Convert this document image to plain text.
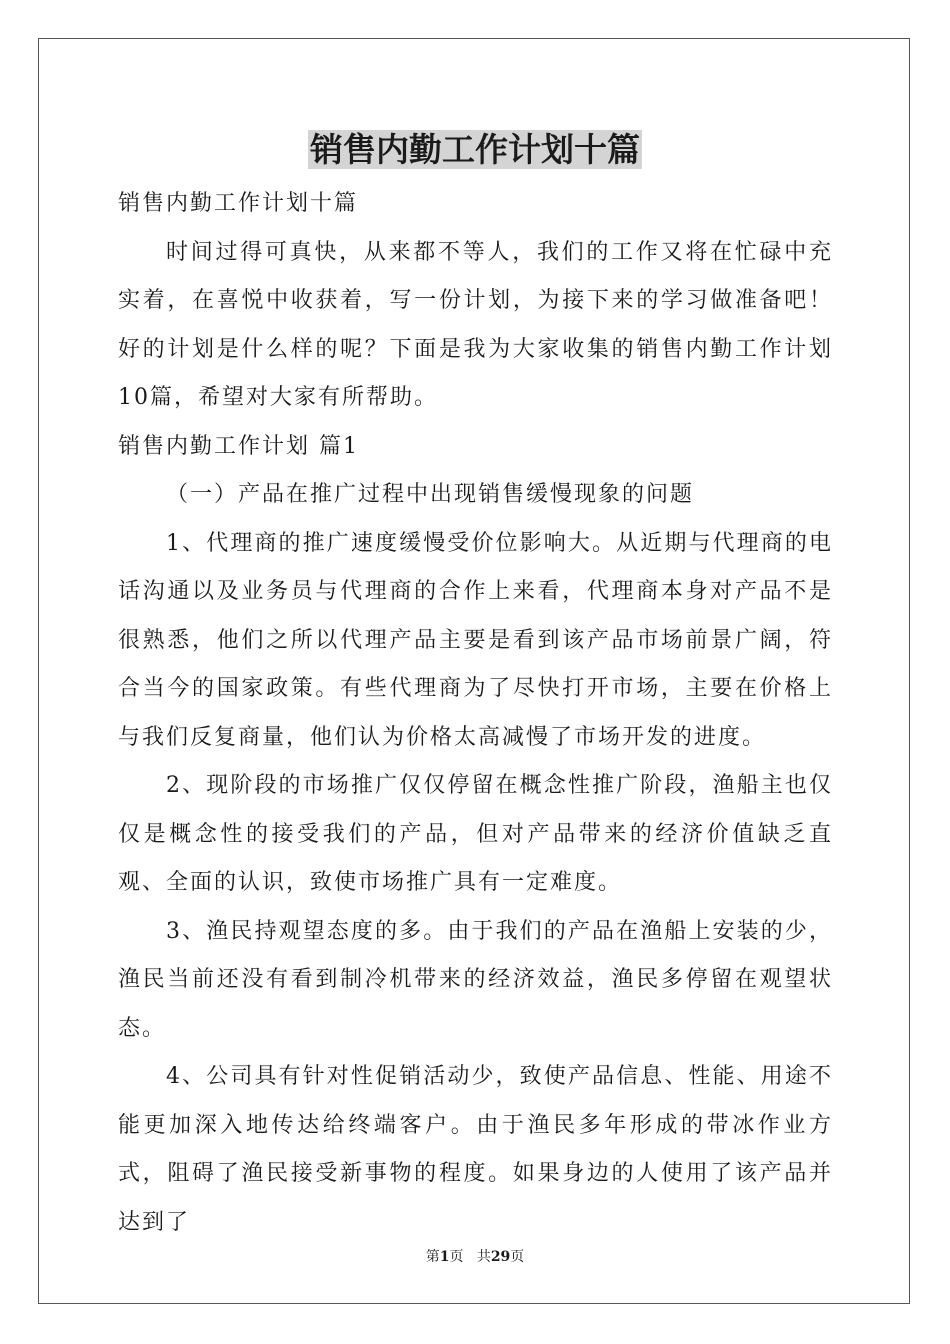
销售内勤工作计划十篇

销售内勤工作计划十篇

时间过得可真快，从来都不等人，我们的工作又将在忙碌中充实着，在喜悦中收获着，写一份计划，为接下来的学习做准备吧！好的计划是什么样的呢？下面是我为大家收集的销售内勤工作计划10篇，希望对大家有所帮助。

销售内勤工作计划 篇1

（一）产品在推广过程中出现销售缓慢现象的问题

1、代理商的推广速度缓慢受价位影响大。从近期与代理商的电话沟通以及业务员与代理商的合作上来看，代理商本身对产品不是很熟悉，他们之所以代理产品主要是看到该产品市场前景广阔，符合当今的国家政策。有些代理商为了尽快打开市场，主要在价格上与我们反复商量，他们认为价格太高减慢了市场开发的进度。

2、现阶段的市场推广仅仅停留在概念性推广阶段，渔船主也仅仅是概念性的接受我们的产品，但对产品带来的经济价值缺乏直观、全面的认识，致使市场推广具有一定难度。

3、渔民持观望态度的多。由于我们的产品在渔船上安装的少，渔民当前还没有看到制冷机带来的经济效益，渔民多停留在观望状态。

4、公司具有针对性促销活动少，致使产品信息、性能、用途不能更加深入地传达给终端客户。由于渔民多年形成的带冰作业方式，阻碍了渔民接受新事物的程度。如果身边的人使用了该产品并达到了

第1页 共29页
